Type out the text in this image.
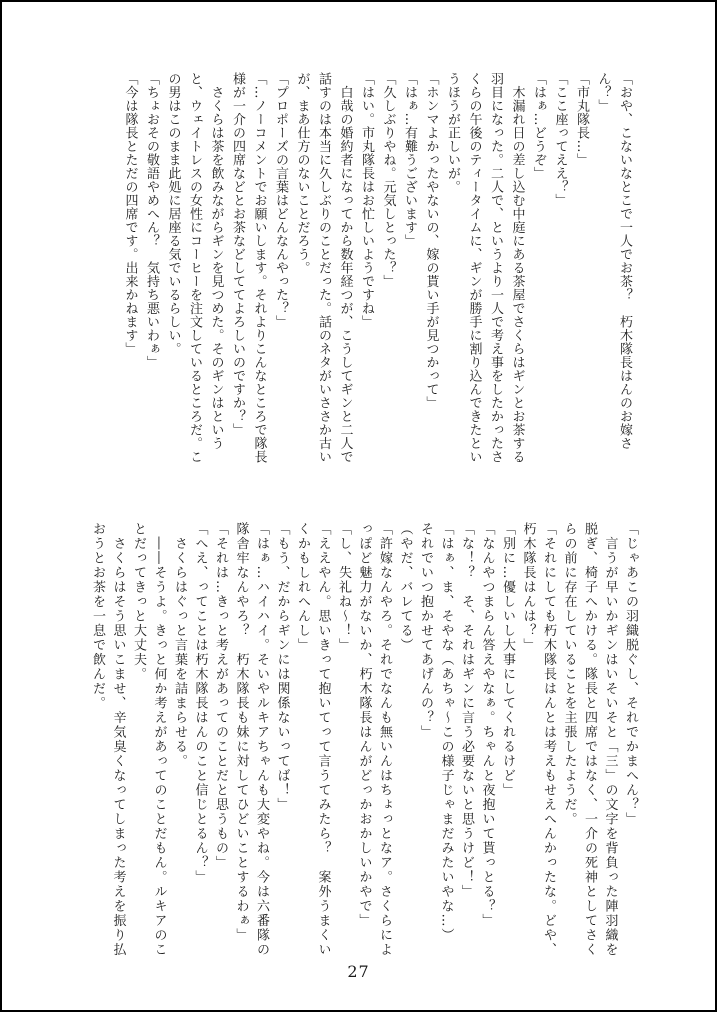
「おや、こないなとこで一人でお茶？　朽木隊長はんのお嫁さん？」

「市丸隊長…」

「ここ座ってええ？」

「はぁ…どうぞ」

　木漏れ日の差し込む中庭にある茶屋でさくらはギンとお茶する羽目になった。二人で、というより一人で考え事をしたかったさくらの午後のティータイムに、ギンが勝手に割り込んできたというほうが正しいが。

「ホンマよかったやないの、嫁の貰い手が見つかって」

「はぁ…有難うございます」

「久しぶりやね。元気しとった？」

「はい。市丸隊長はお忙しいようですね」

　白哉の婚約者になってから数年経つが、こうしてギンと二人で話すのは本当に久しぶりのことだった。話のネタがいささか古いが、まあ仕方のないことだろう。

「プロポーズの言葉はどんなんやった？」

「…ノーコメントでお願いします。それよりこんなところで隊長様が一介の四席などとお茶などしててよろしいのですか？」

　さくらは茶を飲みながらギンを見つめた。そのギンはというと、ウェイトレスの女性にコーヒーを注文しているところだ。この男はこのまま此処に居座る気でいるらしい。

「ちょおその敬語やめへん？　気持ち悪いわぁ」

「今は隊長とただの四席です。出来かねます」

「じゃあこの羽織脱ぐし、それでかまへん？」

　言うが早いかギンはいそいそと「三」の文字を背負った陣羽織を脱ぎ、椅子へかける。隊長と四席ではなく、一介の死神としてさくらの前に存在していることを主張したようだ。

「それにしても朽木隊長はんとは考えもせえへんかったな。どや、朽木隊長はんは？」

「別に…優しいし大事にしてくれるけど」

「なんやつまらん答えやなぁ。ちゃんと夜抱いて貰っとる？」

「な！？　そ、それはギンに言う必要ないと思うけど！」

「はぁ、ま、そやな（あちゃ〜この様子じゃまだみたいやな…）　それでいつ抱かせてあげんの？」

（やだ、バレてる）

「許嫁なんやろ。それでなんも無いんはちょっとなア。さくらによっぽど魅力がないか、朽木隊長はんがどっかおかしいかやで」

「し、失礼ね〜！」

「ええやん。思いきって抱いてって言うてみたら？　案外うまくいくかもしれへんし」

「もう、だからギンには関係ないってば！」

「はぁ…ハイハイ。そいやルキアちゃんも大変やね。今は六番隊の隊舎牢なんやろ？　朽木隊長も妹に対してひどいことするわぁ」

「それは…きっと考えがあってのことだと思うもの」

「へえ、ってことは朽木隊長はんのこと信じとるん？」

　さくらはぐっと言葉を詰まらせる。

　――そうよ。きっと何か考えがあってのことだもん。ルキアのことだってきっと大丈夫。

　さくらはそう思いこませ、辛気臭くなってしまった考えを振り払おうとお茶を一息で飲んだ。

27
